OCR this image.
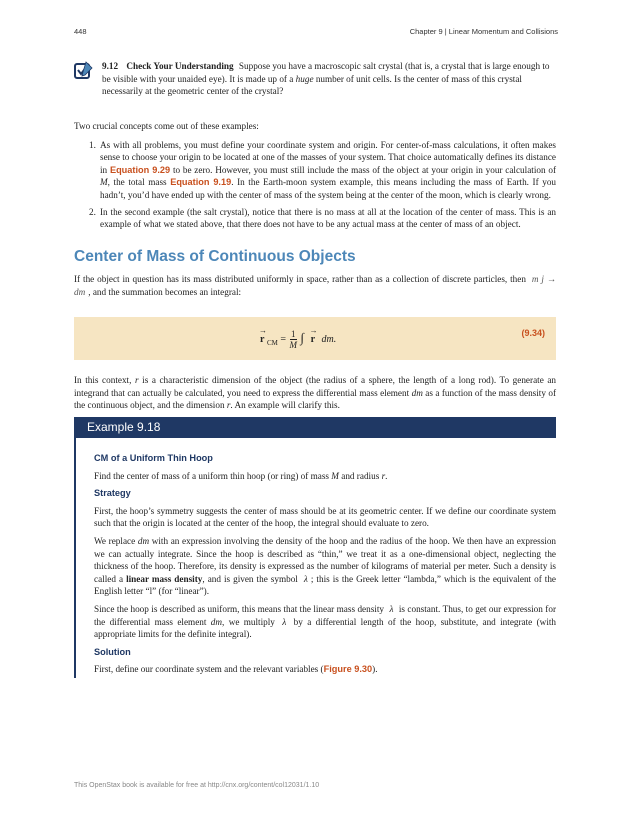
448	Chapter 9 | Linear Momentum and Collisions
9.12 Check Your Understanding Suppose you have a macroscopic salt crystal (that is, a crystal that is large enough to be visible with your unaided eye). It is made up of a huge number of unit cells. Is the center of mass of this crystal necessarily at the geometric center of the crystal?

Two crucial concepts come out of these examples:

1. As with all problems, you must define your coordinate system and origin. For center-of-mass calculations, it often makes sense to choose your origin to be located at one of the masses of your system. That choice automatically defines its distance in Equation 9.29 to be zero. However, you must still include the mass of the object at your origin in your calculation of M, the total mass Equation 9.19. In the Earth-moon system example, this means including the mass of Earth. If you hadn’t, you’d have ended up with the center of mass of the system being at the center of the moon, which is clearly wrong.
2. In the second example (the salt crystal), notice that there is no mass at all at the location of the center of mass. This is an example of what we stated above, that there does not have to be any actual mass at the center of mass of an object.
Center of Mass of Continuous Objects
If the object in question has its mass distributed uniformly in space, rather than as a collection of discrete particles, then m j → dm , and the summation becomes an integral:
→ r $_{CM} = \frac{1}{M}$ ∫ → r dm.
(9.34)
In this context, r is a characteristic dimension of the object (the radius of a sphere, the length of a long rod). To generate an integrand that can actually be calculated, you need to express the differential mass element dm as a function of the mass density of the continuous object, and the dimension r. An example will clarify this.
Example 9.18
CM of a Uniform Thin Hoop

Find the center of mass of a uniform thin hoop (or ring) of mass M and radius r.

Strategy

First, the hoop’s symmetry suggests the center of mass should be at its geometric center. If we define our coordinate system such that the origin is located at the center of the hoop, the integral should evaluate to zero.

We replace dm with an expression involving the density of the hoop and the radius of the hoop. We then have an expression we can actually integrate. Since the hoop is described as “thin,” we treat it as a one-dimensional object, neglecting the thickness of the hoop. Therefore, its density is expressed as the number of kilograms of material per meter. Such a density is called a linear mass density, and is given the symbol λ ; this is the Greek letter “lambda,” which is the equivalent of the English letter “l” (for “linear”).

Since the hoop is described as uniform, this means that the linear mass density λ is constant. Thus, to get our expression for the differential mass element dm, we multiply λ by a differential length of the hoop, substitute, and integrate (with appropriate limits for the definite integral).

Solution

First, define our coordinate system and the relevant variables (Figure 9.30).

This OpenStax book is available for free at http://cnx.org/content/col12031/1.10
